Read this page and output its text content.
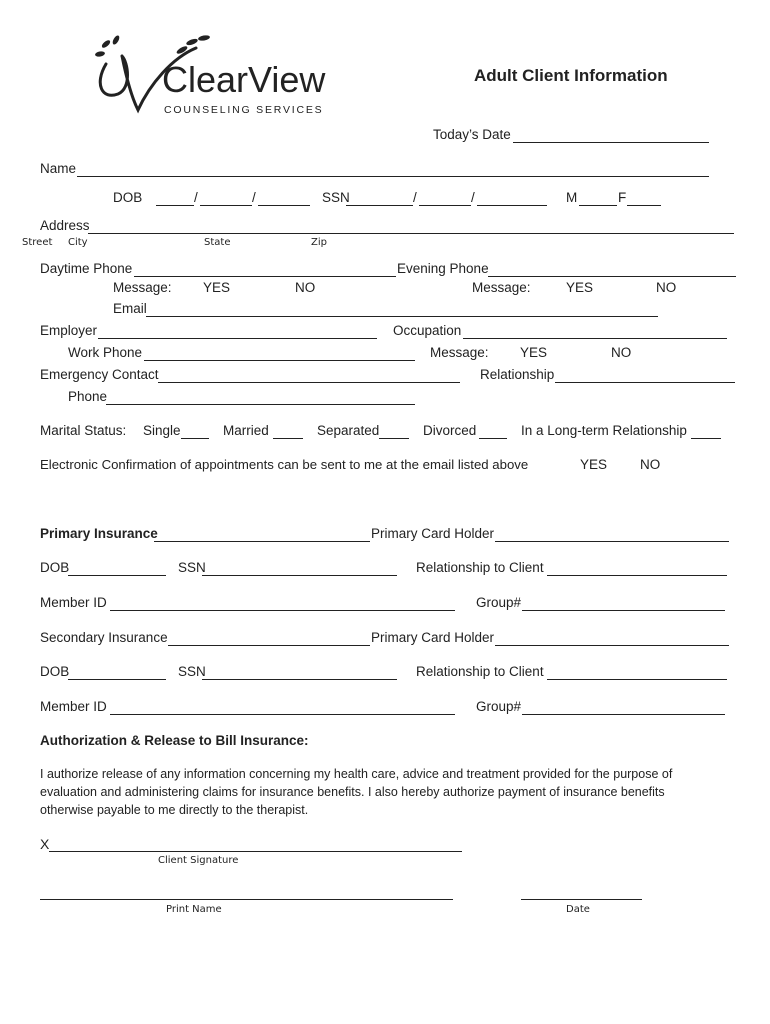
ClearView
COUNSELING SERVICES
Adult Client Information
Today’s Date
Name
DOB	/	/	SSN	/	/	M	F
Address
Street City	State	Zip
Daytime Phone	Evening Phone
Message: YES	NO	Message:	YES	NO
Email
Employer	Occupation
Work Phone	Message: YES	NO
Emergency Contact	Relationship
Phone
Marital Status: Single	Married	Separated	Divorced	In a Long-term Relationship
Electronic Confirmation of appointments can be sent to me at the email listed above	YES NO
Primary Insurance	Primary Card Holder
DOB	SSN	Relationship to Client
Member ID	Group#
Secondary Insurance	Primary Card Holder
DOB	SSN	Relationship to Client
Member ID	Group#
Authorization & Release to Bill Insurance:
I authorize release of any information concerning my health care, advice and treatment provided for the purpose of evaluation and administering claims for insurance benefits. I also hereby authorize payment of insurance benefits otherwise payable to me directly to the therapist.
X
Client Signature
Print Name	Date
